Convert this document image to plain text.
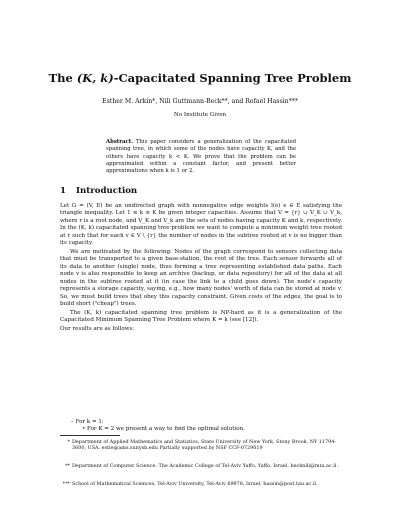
The (K, k)-Capacitated Spanning Tree Problem
Esther M. Arkin*, Nili Guttmann-Beck**, and Refael Hassin***
No Institute Given
Abstract. This paper considers a generalization of the capacitated spanning tree, in which some of the nodes have capacity K, and the others have capacity k < K. We prove that the problem can be approximated within a constant factor, and present better approximations when k is 1 or 2.
1 Introduction

Let G = (V, E) be an undirected graph with nonnegative edge weights l(e) e ∈ E satisfying the triangle inequality. Let 1 ≤ k ≤ K be given integer capacities. Assume that V = {r} ∪ V_K ∪ V_k, where r is a root node, and V_K and V_k are the sets of nodes having capacity K and k, respectively. In the (K, k) capacitated spanning tree problem we want to compute a minimum weight tree rooted at r such that for each v ∈ V \ {r} the number of nodes in the subtree rooted at v is no bigger than its capacity.

We are motivated by the following: Nodes of the graph correspond to sensors collecting data that must be transported to a given base-station, the root of the tree. Each sensor forwards all of its data to another (single) node, thus forming a tree representing established data paths. Each node v is also responsible to keep an archive (backup, or data repository) for all of the data at all nodes in the subtree rooted at it (in case the link to a child goes down). The node's capacity represents a storage capacity, saying, e.g., how many nodes' worth of data can be stored at node v. So, we must build trees that obey this capacity constraint. Given costs of the edges, the goal is to build short ("cheap") trees.

The (K, k) capacitated spanning tree problem is NP-hard as it is a generalization of the Capacitated Minimum Spanning Tree Problem where K = k (see [12]).

Our results are as follows:

– For k = 1:
• For K = 2 we present a way to find the optimal solution.
* Department of Applied Mathematics and Statistics, State University of New York, Stony Brook, NY 11794-3600, USA. estie@ams.sunysb.edu Partially supported by NSF CCF-0729019
** Department of Computer Science, The Academic College of Tel-Aviv Yaffo, Yaffo, Israel. becknili@mta.ac.il .
*** School of Mathematical Sciences, Tel-Aviv University, Tel-Aviv 69978, Israel. hassin@post.tau.ac.il.
